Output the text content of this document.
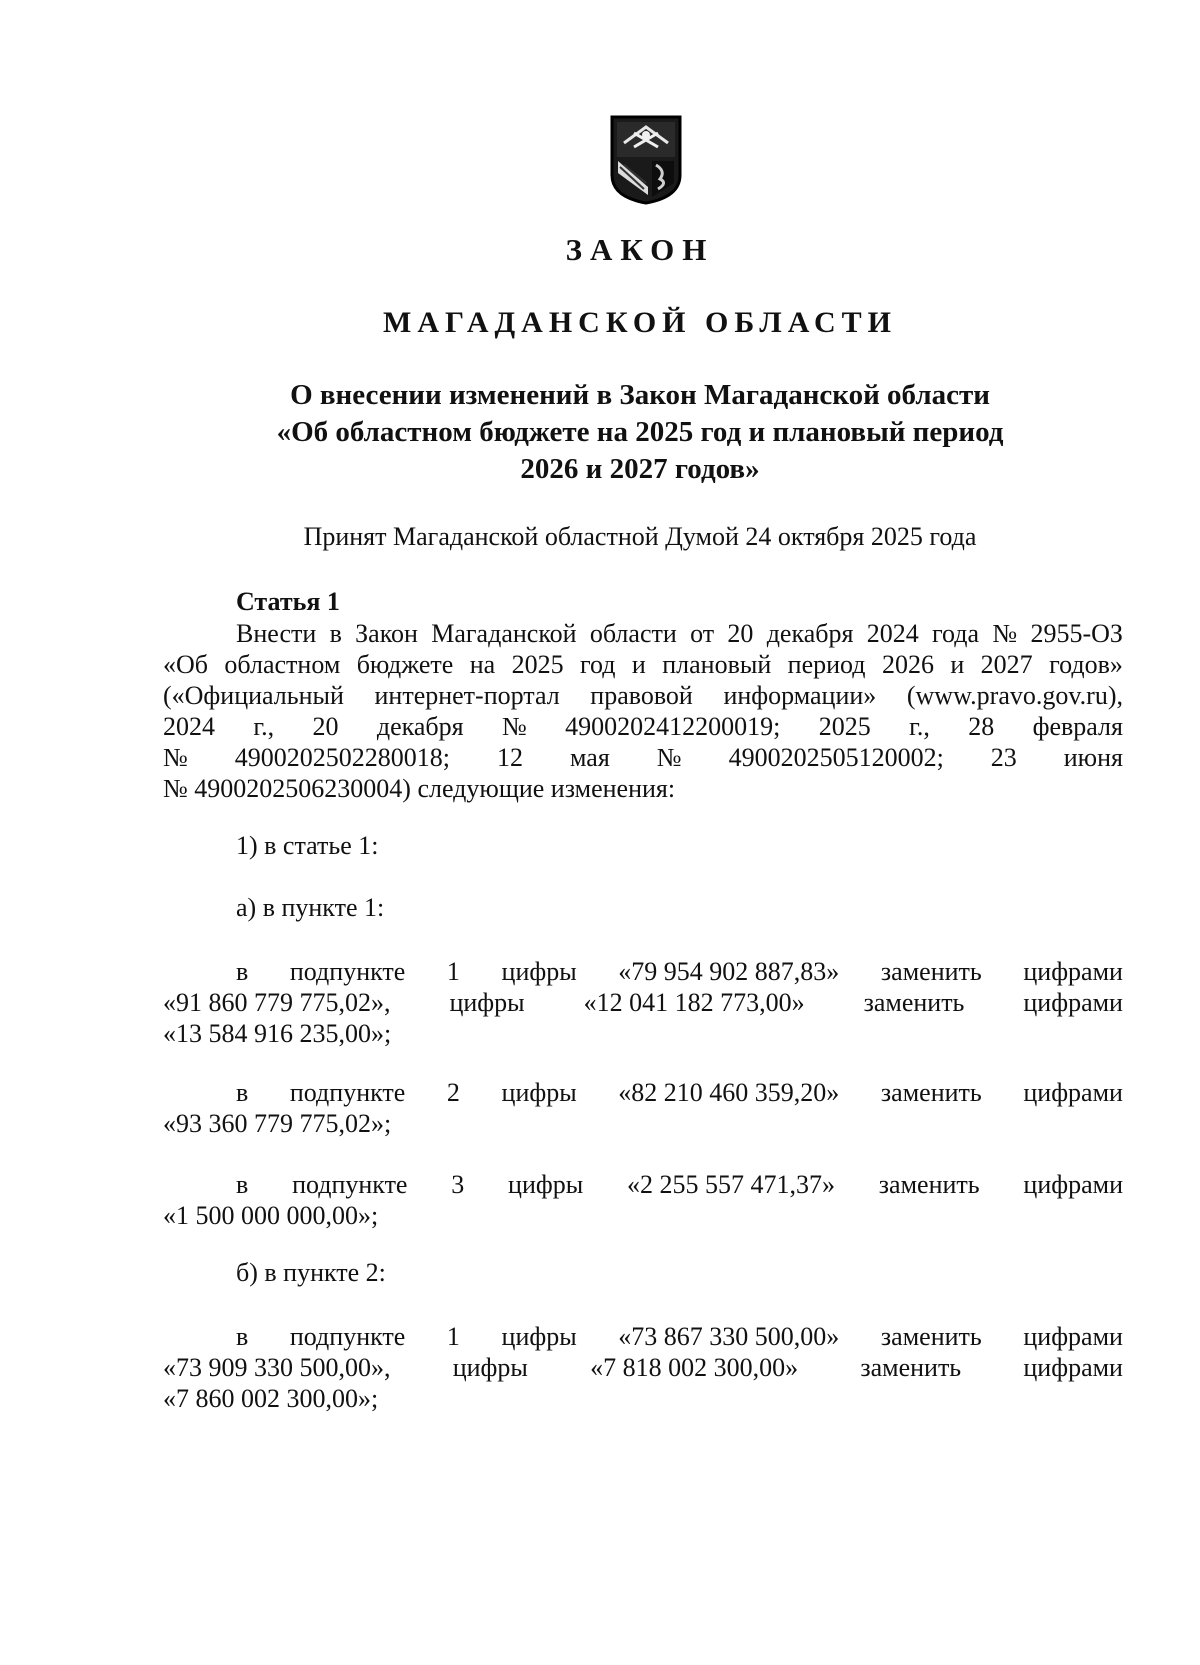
ЗАКОН
МАГАДАНСКОЙ ОБЛАСТИ
О внесении изменений в Закон Магаданской области
«Об областном бюджете на 2025 год и плановый период
2026 и 2027 годов»
Принят Магаданской областной Думой 24 октября 2025 года
Статья 1
Внести в Закон Магаданской области от 20 декабря 2024 года № 2955-ОЗ
«Об областном бюджете на 2025 год и плановый период 2026 и 2027 годов»
(«Официальный интернет-портал правовой информации» (www.pravo.gov.ru),
2024 г., 20 декабря № 4900202412200019; 2025 г., 28 февраля
№ 4900202502280018; 12 мая № 4900202505120002; 23 июня
№ 4900202506230004) следующие изменения:
1) в статье 1:
а) в пункте 1:
в подпункте 1 цифры «79 954 902 887,83» заменить цифрами
«91 860 779 775,02», цифры «12 041 182 773,00» заменить цифрами
«13 584 916 235,00»;
в подпункте 2 цифры «82 210 460 359,20» заменить цифрами
«93 360 779 775,02»;
в подпункте 3 цифры «2 255 557 471,37» заменить цифрами
«1 500 000 000,00»;
б) в пункте 2:
в подпункте 1 цифры «73 867 330 500,00» заменить цифрами
«73 909 330 500,00», цифры «7 818 002 300,00» заменить цифрами
«7 860 002 300,00»;
